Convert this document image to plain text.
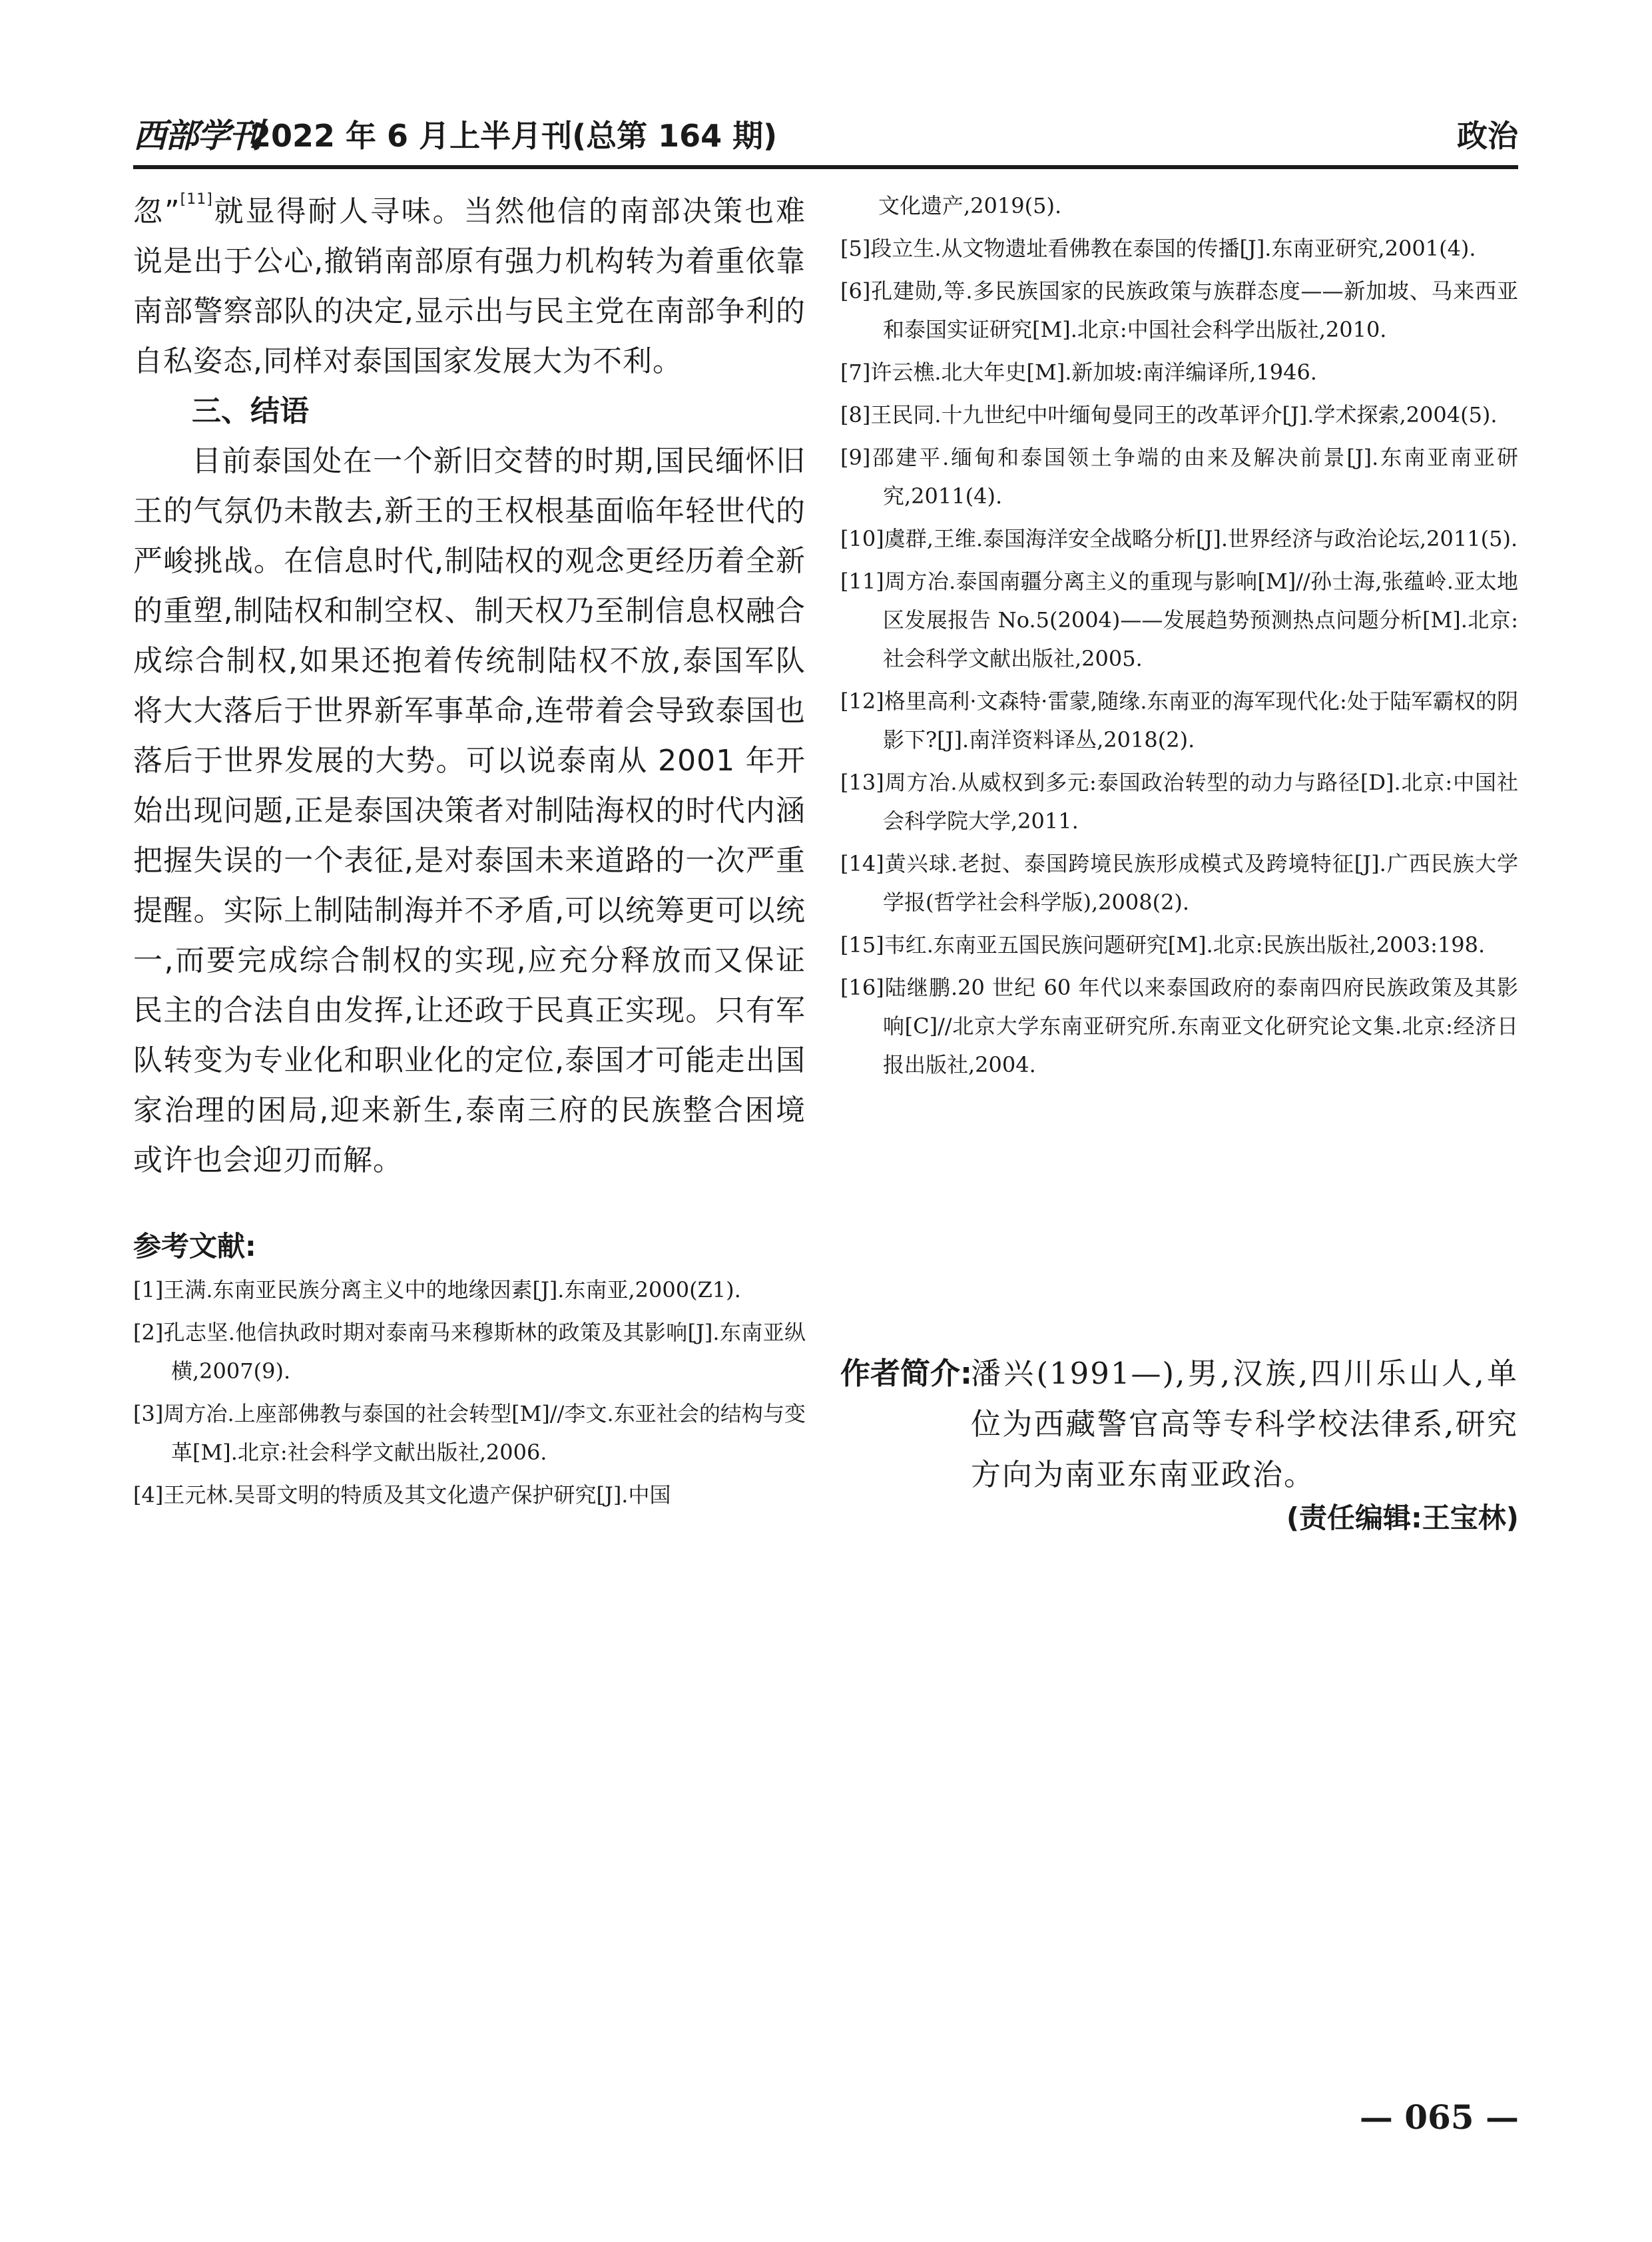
西部学刊
2022 年 6 月上半月刊(总第 164 期)	政治

忽”[11]就显得耐人寻味。当然他信的南部决策也难说是出于公心,撤销南部原有强力机构转为着重依靠南部警察部队的决定,显示出与民主党在南部争利的自私姿态,同样对泰国国家发展大为不利。

三、结语

目前泰国处在一个新旧交替的时期,国民缅怀旧王的气氛仍未散去,新王的王权根基面临年轻世代的严峻挑战。在信息时代,制陆权的观念更经历着全新的重塑,制陆权和制空权、制天权乃至制信息权融合成综合制权,如果还抱着传统制陆权不放,泰国军队将大大落后于世界新军事革命,连带着会导致泰国也落后于世界发展的大势。可以说泰南从 2001 年开始出现问题,正是泰国决策者对制陆海权的时代内涵把握失误的一个表征,是对泰国未来道路的一次严重提醒。实际上制陆制海并不矛盾,可以统筹更可以统一,而要完成综合制权的实现,应充分释放而又保证民主的合法自由发挥,让还政于民真正实现。只有军队转变为专业化和职业化的定位,泰国才可能走出国家治理的困局,迎来新生,泰南三府的民族整合困境或许也会迎刃而解。

参考文献:
[1]王满.东南亚民族分离主义中的地缘因素[J].东南亚,2000(Z1).
[2]孔志坚.他信执政时期对泰南马来穆斯林的政策及其影响[J].东南亚纵横,2007(9).
[3]周方冶.上座部佛教与泰国的社会转型[M]//李文.东亚社会的结构与变革[M].北京:社会科学文献出版社,2006.
[4]王元林.吴哥文明的特质及其文化遗产保护研究[J].中国
文化遗产,2019(5).
[5]段立生.从文物遗址看佛教在泰国的传播[J].东南亚研究,2001(4).
[6]孔建勋,等.多民族国家的民族政策与族群态度——新加坡、马来西亚和泰国实证研究[M].北京:中国社会科学出版社,2010.
[7]许云樵.北大年史[M].新加坡:南洋编译所,1946.
[8]王民同.十九世纪中叶缅甸曼同王的改革评介[J].学术探索,2004(5).
[9]邵建平.缅甸和泰国领土争端的由来及解决前景[J].东南亚南亚研究,2011(4).
[10]虞群,王维.泰国海洋安全战略分析[J].世界经济与政治论坛,2011(5).
[11]周方冶.泰国南疆分离主义的重现与影响[M]//孙士海,张蕴岭.亚太地区发展报告 No.5(2004)——发展趋势预测热点问题分析[M].北京:社会科学文献出版社,2005.
[12]格里高利·文森特·雷蒙,随缘.东南亚的海军现代化:处于陆军霸权的阴影下?[J].南洋资料译丛,2018(2).
[13]周方冶.从威权到多元:泰国政治转型的动力与路径[D].北京:中国社会科学院大学,2011.
[14]黄兴球.老挝、泰国跨境民族形成模式及跨境特征[J].广西民族大学学报(哲学社会科学版),2008(2).
[15]韦红.东南亚五国民族问题研究[M].北京:民族出版社,2003:198.
[16]陆继鹏.20 世纪 60 年代以来泰国政府的泰南四府民族政策及其影响[C]//北京大学东南亚研究所.东南亚文化研究论文集.北京:经济日报出版社,2004.
作者简介:

潘兴(1991—),男,汉族,四川乐山人,单位为西藏警官高等专科学校法律系,研究方向为南亚东南亚政治。

(责任编辑:王宝林)
— 065 —
